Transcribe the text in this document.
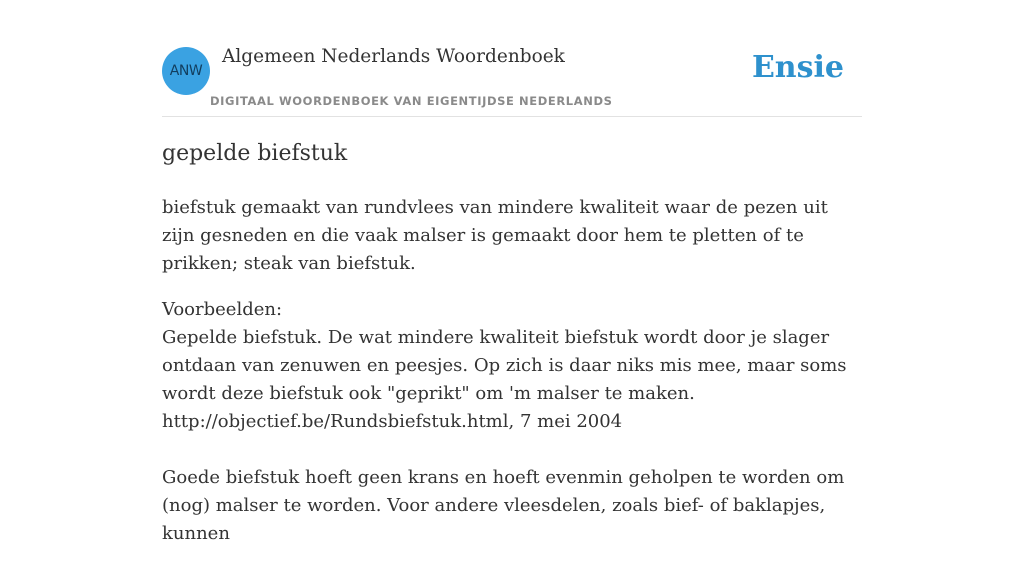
ANW
Algemeen Nederlands Woordenboek
DIGITAAL WOORDENBOEK VAN EIGENTIJDSE NEDERLANDS
Ensie
gepelde biefstuk

biefstuk gemaakt van rundvlees van mindere kwaliteit waar de pezen uit zijn gesneden en die vaak malser is gemaakt door hem te pletten of te prikken; steak van biefstuk.

Voorbeelden:
Gepelde biefstuk. De wat mindere kwaliteit biefstuk wordt door je slager ontdaan van zenuwen en peesjes. Op zich is daar niks mis mee, maar soms wordt deze biefstuk ook "geprikt" om 'm malser te maken.
http://objectief.be/Rundsbiefstuk.html, 7 mei 2004
Goede biefstuk hoeft geen krans en hoeft evenmin geholpen te worden om (nog) malser te worden. Voor andere vleesdelen, zoals bief- of baklapjes, kunnen
